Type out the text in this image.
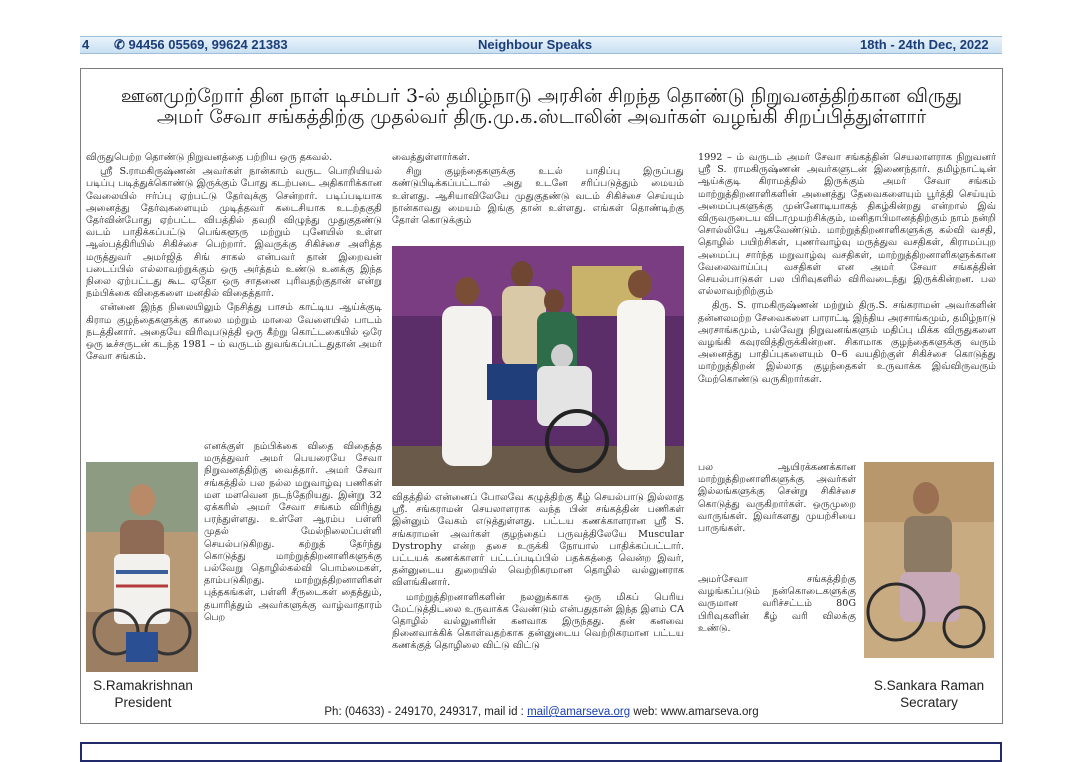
4 ✆ 94456 05569, 99624 21383	Neighbour Speaks	18th - 24th Dec, 2022
ஊனமுற்றோர் தின நாள் டிசம்பர் 3-ல் தமிழ்நாடு அரசின் சிறந்த தொண்டு நிறுவனத்திற்கான விருது
அமர் சேவா சங்கத்திற்கு முதல்வர் திரு.மு.க.ஸ்டாலின் அவர்கள் வழங்கி சிறப்பித்துள்ளார்

விருதுபெற்ற தொண்டு நிறுவனத்தை பற்றிய ஒரு தகவல்.

ஸ்ரீ S.ராமகிருஷ்ணன் அவர்கள் நான்காம் வருட பொறியியல் படிப்பு படித்துக்கொண்டு இருக்கும் போது கடற்படை அதிகாரிக்கான வேலையில் ஈர்ப்பு ஏற்பட்டு தேர்வுக்கு சென்றார். படிப்படியாக அனைத்து தேர்வுகளையும் முடித்தவர் கடைசியாக உடற்தகுதி தேர்வின்போது ஏற்பட்ட விபத்தில் தவறி விழுந்து முதுகுதண்டு வடம் பாதிக்கப்பட்டு பெங்களூரு மற்றும் புனேயில் உள்ள ஆஸ்பத்திரியில் சிகிச்சை பெற்றார். இவருக்கு சிகிச்சை அளித்த மருத்துவர் அமர்ஜித் சிங் சாகல் என்பவர் தான் இறைவன் படைப்பில் எல்லாவற்றுக்கும் ஒரு அர்த்தம் உண்டு உனக்கு இந்த நிலை ஏற்பட்டது கூட ஏதோ ஒரு சாதனை புரிவதற்குதான் என்று நம்பிக்கை விதைகளை மனதில் விதைத்தார்.

என்னை இந்த நிலையிலும் நேசித்து பாசம் காட்டிய ஆய்க்குடி கிராம குழந்தைகளுக்கு காலை மற்றும் மாலை வேளையில் பாடம் நடத்தினார். அதையே விரிவுபடுத்தி ஒரு கீற்று கொட்டகையில் ஒரே ஒரு டீச்சருடன் கடந்த 1981 – ம் வருடம் துவங்கப்பட்டதுதான் அமர் சேவா சங்கம்.

எனக்குள் நம்பிக்கை விதை விதைத்த மருத்துவர் அமர் பெயரையே சேவா நிறுவனத்திற்கு வைத்தார். அமர் சேவா சங்கத்தில் பல நல்ல மறுவாழ்வு பணிகள் மள மளவென நடந்தேறியது. இன்று 32 ஏக்கரில் அமர் சேவா சங்கம் விரிந்து பரந்துள்ளது. உள்ளே ஆரம்ப பள்ளி முதல் மேல்நிலைப்பள்ளி செயல்படுகிறது. கற்றுத் தேர்ந்து கொடுத்து மாற்றுத்திறனாளிகளுக்கு பல்வேறு தொழில்கல்வி பொம்மைகள், தாம்படுகிறது. மாற்றுத்திறனாளிகள் புத்தகங்கள், பள்ளி சீருடைகள் தைத்தும், தயாரித்தும் அவர்களுக்கு வாழ்வாதாரம் பெற

S.Ramakrishnan
President

வைத்துள்ளார்கள்.

சிறு குழந்தைகளுக்கு உடல் பாதிப்பு இருப்பது கண்டுபிடிக்கப்பட்டால் அது உடனே சரிப்படுத்தும் மையம் உள்ளது. ஆசியாவிலேயே முதுகுதண்டு வடம் சிகிச்சை செய்யும் நான்காவது மையம் இங்கு தான் உள்ளது. எங்கள் தொண்டிற்கு தோள் கொடுக்கும்

விதத்தில் என்னைப் போலவே கழுத்திற்கு கீழ் செயல்பாடு இல்லாத ஸ்ரீ. சங்கராமன் செயலாளராக வந்த பின் சங்கத்தின் பணிகள் இன்னும் வேகம் எடுத்துள்ளது. பட்டய கணக்காளரான ஸ்ரீ S. சங்கராமன் அவர்கள் குழந்தைப் பருவத்திலேயே Muscular Dystrophy என்ற தசை உருக்கி நோயால் பாதிக்கப்பட்டார். பட்டயக் கணக்காளர் பட்டப்படிப்பில் பதக்கத்தை வென்ற இவர், தன்னுடைய துறையில் வெற்றிகரமான தொழில் வல்லுனராக விளங்கினார்.

மாற்றுத்திறனாளிகளின் நலனுக்காக ஒரு மிகப் பெரிய மேட்டுத்திடலை உருவாக்க வேண்டும் என்பதுதான் இந்த இளம் CA தொழில் வல்லுனரின் கனவாக இருந்தது. தன் கனவை நினைவாக்கிக் கொள்வதற்காக தன்னுடைய வெற்றிகரமான பட்டய கணக்குத் தொழிலை விட்டு விட்டு

1992 – ம் வருடம் அமர் சேவா சங்கத்தின் செயலாளராக நிறுவனர் ஸ்ரீ S. ராமகிருஷ்ணன் அவர்களுடன் இணைந்தார். தமிழ்நாட்டின் ஆய்க்குடி கிராமத்தில் இருக்கும் அமர் சேவா சங்கம் மாற்றுத்திறனாளிகளின் அனைத்து தேவைகளையும் பூர்த்தி செய்யும் அமைப்புகளுக்கு முன்னோடியாகத் திகழ்கின்றது என்றால் இவ் விருவருடைய விடாமுயற்சிக்கும், மனிதாபிமானத்திற்கும் நாம் நன்றி சொல்லியே ஆகவேண்டும். மாற்றுத்திறனாளிகளுக்கு கல்வி வசதி, தொழில் பயிற்சிகள், புணர்வாழ்வு மருத்துவ வசதிகள், கிராமப்புற அமைப்பு சார்ந்த மறுவாழ்வு வசதிகள், மாற்றுத்திறனாளிகளுக்கான வேலைவாய்ப்பு வசதிகள் என அமர் சேவா சங்கத்தின் செயல்பாடுகள் பல பிரிவுகளில் விரிவடைந்து இருக்கின்றன. பல எல்லாவற்றிற்கும்

திரு. S. ராமகிருஷ்ணன் மற்றும் திரு.S. சங்கராமன் அவர்களின் தன்னலமற்ற சேவைகளை பாராட்டி இந்திய அரசாங்கமும், தமிழ்நாடு அரசாங்கமும், பல்வேறு நிறுவனங்களும் மதிப்பு மிக்க விருதுகளை வழங்கி கவுரவித்திருக்கின்றன. சிகாமாக குழந்தைகளுக்கு வரும் அனைத்து பாதிப்புகளையும் 0–6 வயதிற்குள் சிகிச்சை கொடுத்து மாற்றுத்திறன் இல்லாத குழந்தைகள் உருவாக்க இவ்விருவரும் மேற்கொண்டு வருகிறார்கள்.

பல ஆயிரக்கணக்கான மாற்றுத்திறனாளிகளுக்கு அவர்கள் இல்லங்களுக்கு சென்று சிகிச்சை கொடுத்து வருகிறார்கள். ஒருமுறை வாருங்கள். இவர்களது முயற்சியை பாருங்கள்.

அமர்சேவா சங்கத்திற்கு வழங்கப்படும் நன்கொடைகளுக்கு வருமான வரிச்சட்டம் 80G பிரிவுகளின் கீழ் வரி விலக்கு உண்டு.

S.Sankara Raman
Secratary
Ph: (04633) - 249170, 249317, mail id : mail@amarseva.org web: www.amarseva.org
